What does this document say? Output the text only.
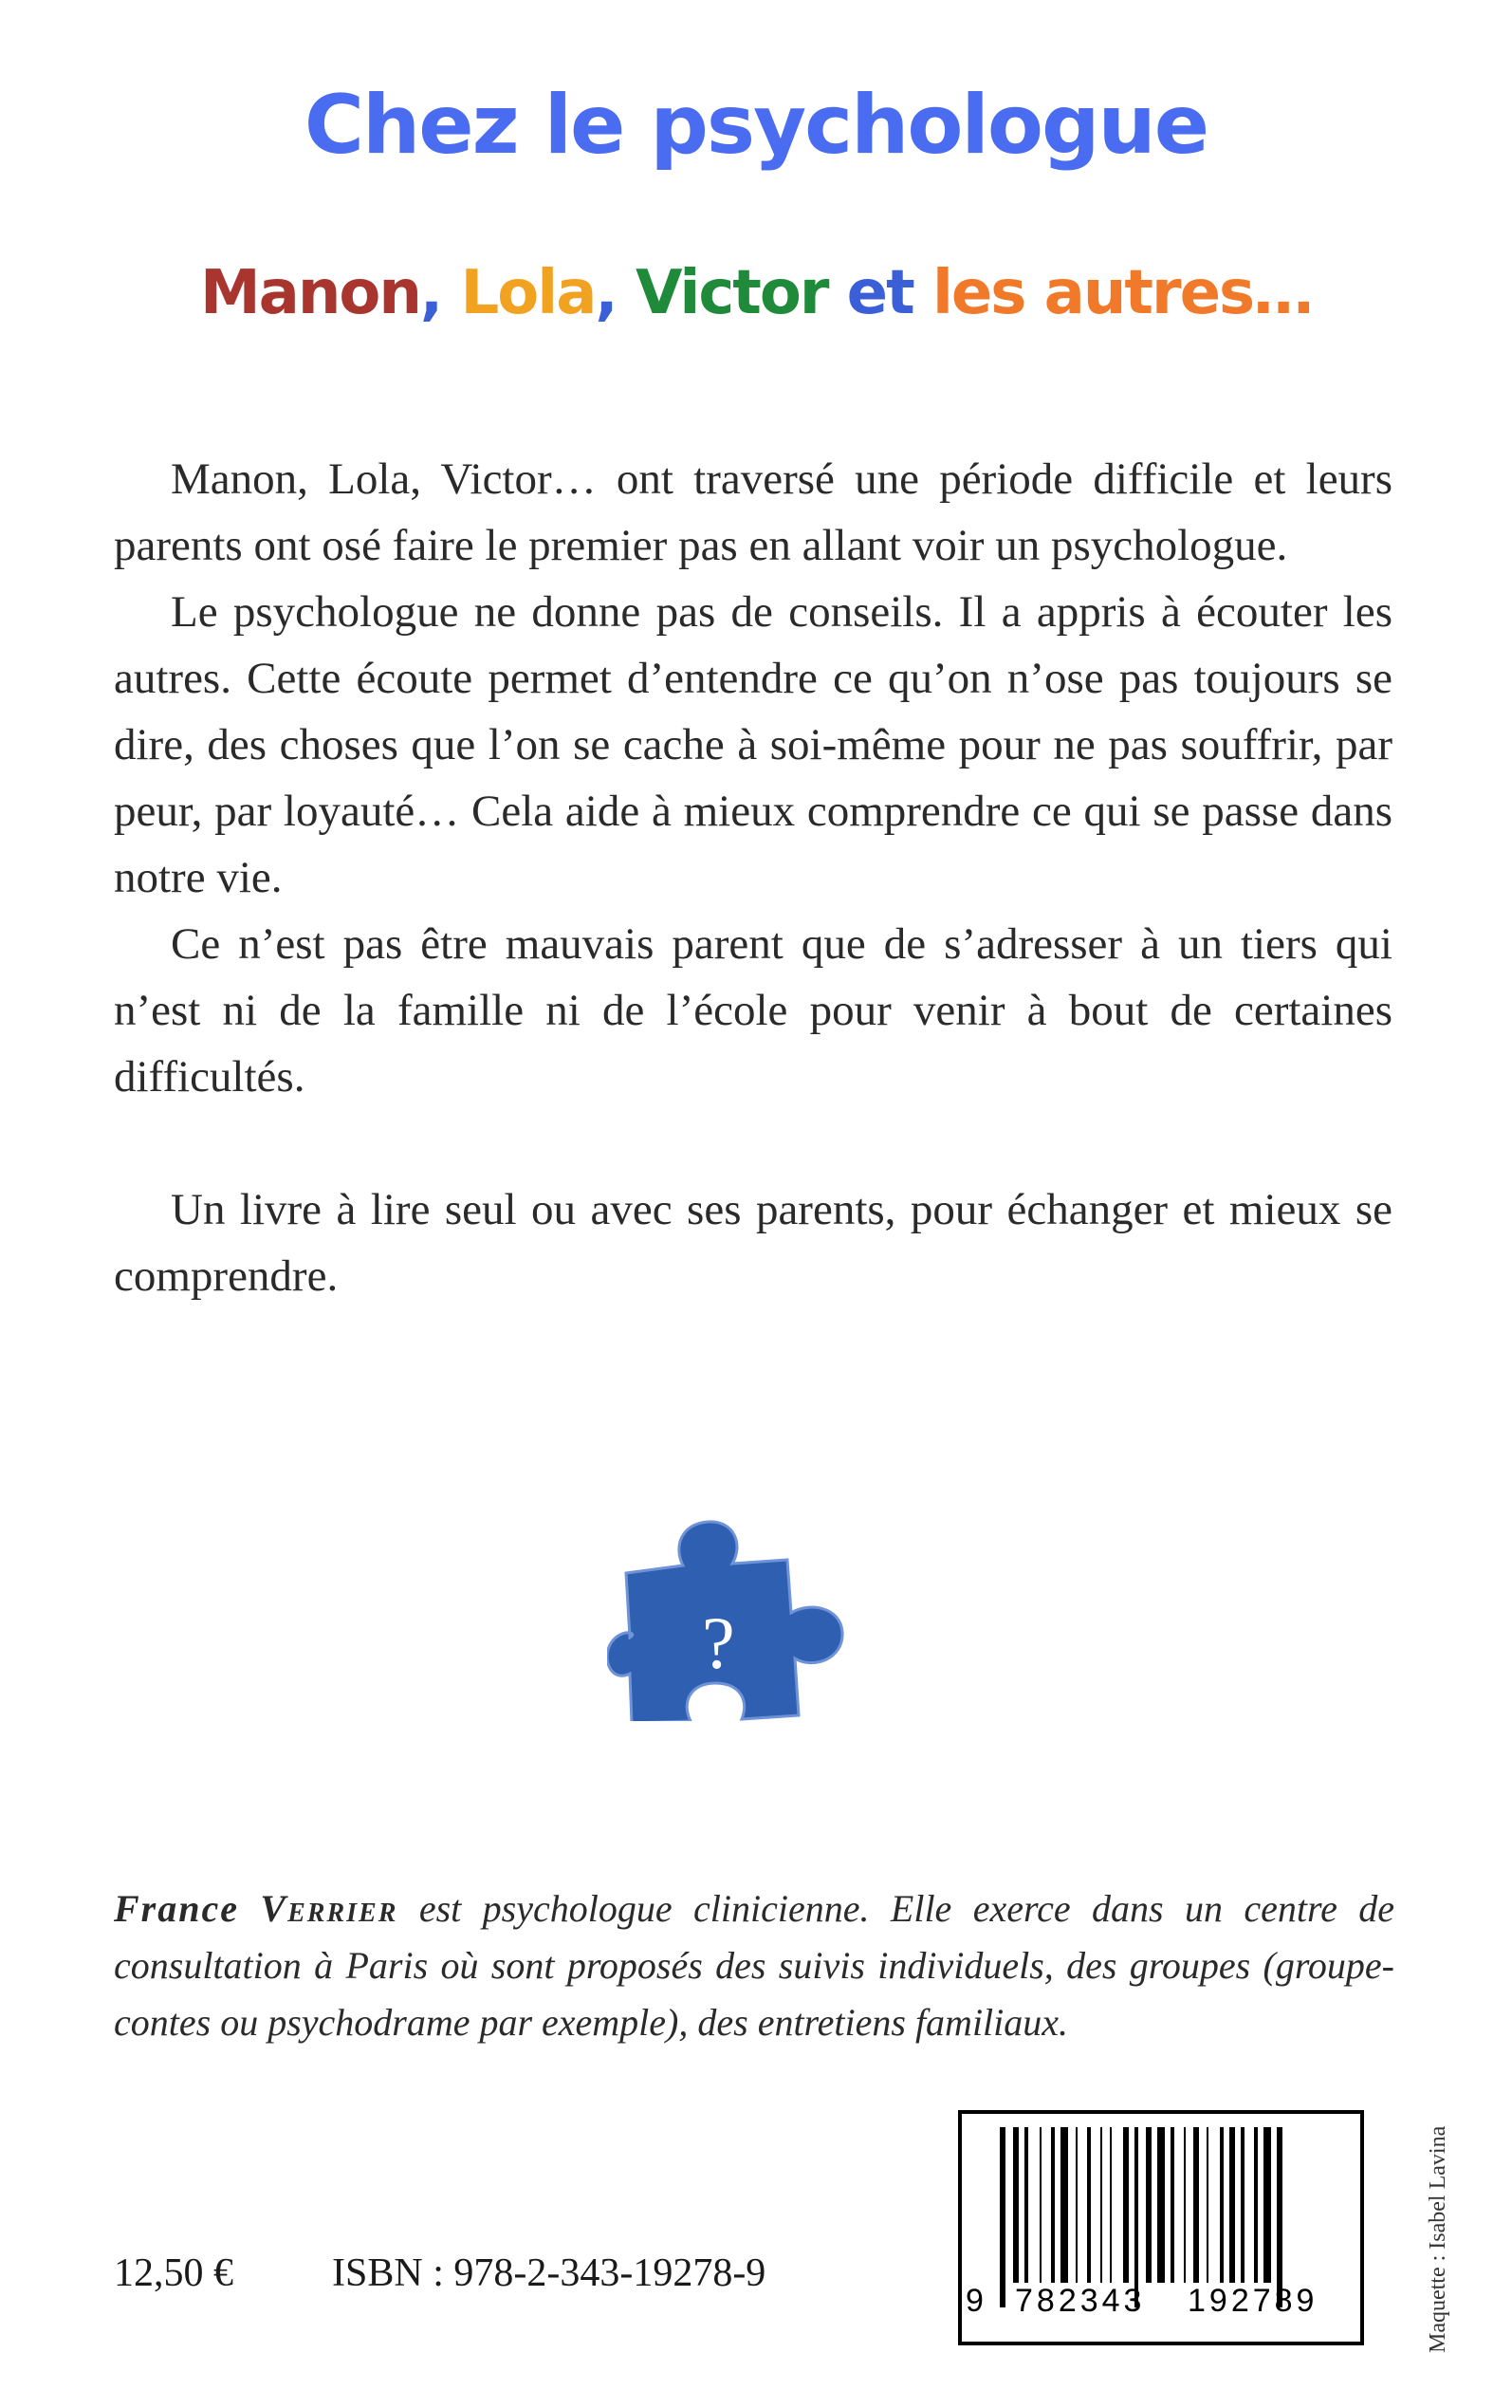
Chez le psychologue
Manon, Lola, Victor et les autres…

Manon, Lola, Victor… ont traversé une période difficile et leurs parents ont osé faire le premier pas en allant voir un psychologue.

Le psychologue ne donne pas de conseils. Il a appris à écouter les autres. Cette écoute permet d’entendre ce qu’on n’ose pas toujours se dire, des choses que l’on se cache à soi-même pour ne pas souffrir, par peur, par loyauté… Cela aide à mieux comprendre ce qui se passe dans notre vie.

Ce n’est pas être mauvais parent que de s’adresser à un tiers qui n’est ni de la famille ni de l’école pour venir à bout de certaines difficultés.

Un livre à lire seul ou avec ses parents, pour échanger et mieux se comprendre.

?

France Verrier est psychologue clinicienne. Elle exerce dans un centre de consultation à Paris où sont proposés des suivis individuels, des groupes (groupe-contes ou psychodrame par exemple), des entretiens familiaux.

Maquette : Isabel Lavina

12,50 € ISBN : 978-2-343-19278-9

9 782343 192789
